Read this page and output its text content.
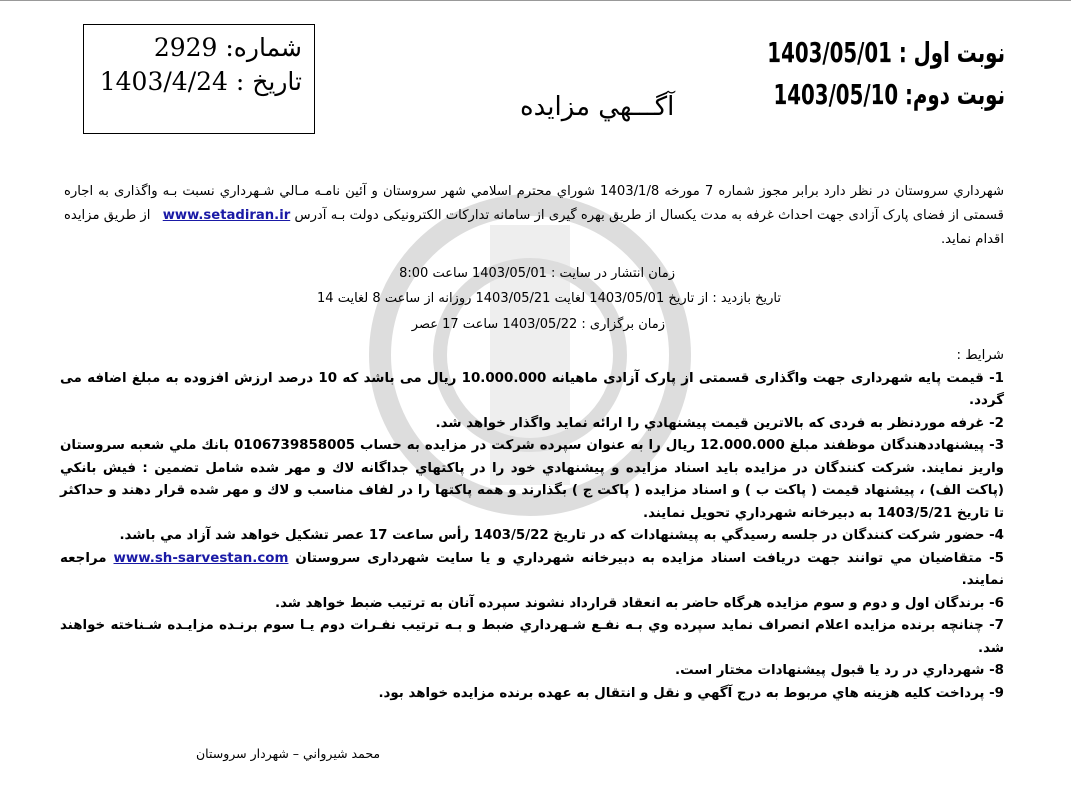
شماره: 2929
تاريخ : 1403/4/24
آگـــهي مزايده
نوبت اول : 1403/05/01
نوبت دوم: 1403/05/10
شهرداري سروستان در نظر دارد برابر مجوز شماره 7 مورخه 1403/1/8 شوراي محترم اسلامي شهر سروستان و آئين نامـه مـالي شـهرداري نسبت بـه واگذاری به اجاره قسمتی از فضای پارک آزادی جهت احداث غرفه به مدت يکسال از طريق بهره گيری از سامانه تدارکات الکترونيکی دولت بـه آدرس www.setadiran.ir از طريق مزايده اقدام نمايد.
زمان انتشار در سايت : 1403/05/01 ساعت 8:00
تاريخ بازديد : از تاريخ 1403/05/01 لغايت 1403/05/21 روزانه از ساعت 8 لغايت 14
زمان برگزاری : 1403/05/22 ساعت 17 عصر
شرايط :
1- قيمت پايه شهرداری جهت واگذاری قسمتی از پارک آزادی ماهيانه 10.000.000 ريال می باشد که 10 درصد ارزش افزوده به مبلغ اضافه می گردد.
2- غرفه موردنظر به فردی که بالاترين قيمت پيشنهادي را ارائه نمايد واگذار خواهد شد.
3- پيشنهاددهندگان موظفند مبلغ 12.000.000 ريال را به عنوان سپرده شرکت در مزايده به حساب 0106739858005 بانك ملي شعبه سروستان واريز نمايند. شرکت کنندگان در مزايده بايد اسناد مزايده و پيشنهادي خود را در پاكتهاي جداگانه لاك و مهر شده شامل تضمين : فيش بانكي (پاكت الف) ، پيشنهاد قيمت ( پاكت ب ) و اسناد مزايده ( پاكت ج ) بگذارند و همه پاكتها را در لفاف مناسب و لاك و مهر شده قرار دهند و حداكثر تا تاريخ 1403/5/21 به دبيرخانه شهرداري تحويل نمايند.
4- حضور شرکت کنندگان در جلسه رسيدگي به پيشنهادات که در تاريخ 1403/5/22 رأس ساعت 17 عصر تشكيل خواهد شد آزاد مي باشد.
5- متقاضيان مي توانند جهت دريافت اسناد مزايده به دبيرخانه شهرداري و يا سايت شهرداری سروستان www.sh-sarvestan.com مراجعه نمايند.
6- برندگان اول و دوم و سوم مزايده هرگاه حاضر به انعقاد قرارداد نشوند سپرده آنان به ترتيب ضبط خواهد شد.
7- چنانچه برنده مزايده اعلام انصراف نمايد سپرده وي بـه نفـع شـهرداري ضبط و بـه ترتيب نفـرات دوم يـا سوم برنـده مزايـده شـناخته خواهند شد.
8- شهرداري در رد يا قبول پيشنهادات مختار است.
9- پرداخت كليه هزينه هاي مربوط به درج آگهي و نقل و انتقال به عهده برنده مزايده خواهد بود.
محمد شيرواني – شهردار سروستان
